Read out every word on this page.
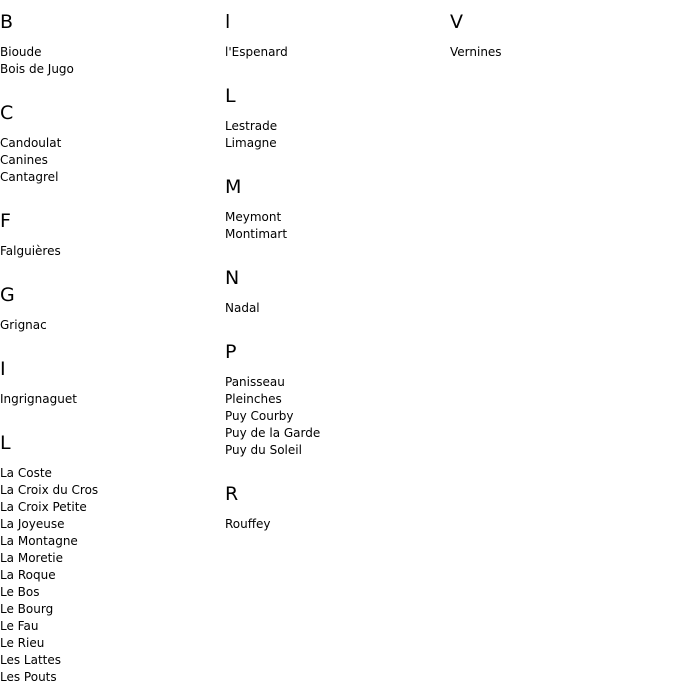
B
Bioude
Bois de Jugo
C
Candoulat
Canines
Cantagrel
F
Falguières
G
Grignac
I
Ingrignaguet
L
La Coste
La Croix du Cros
La Croix Petite
La Joyeuse
La Montagne
La Moretie
La Roque
Le Bos
Le Bourg
Le Fau
Le Rieu
Les Lattes
Les Pouts
l
l'Espenard
L
Lestrade
Limagne
M
Meymont
Montimart
N
Nadal
P
Panisseau
Pleinches
Puy Courby
Puy de la Garde
Puy du Soleil
R
Rouffey
V
Vernines
